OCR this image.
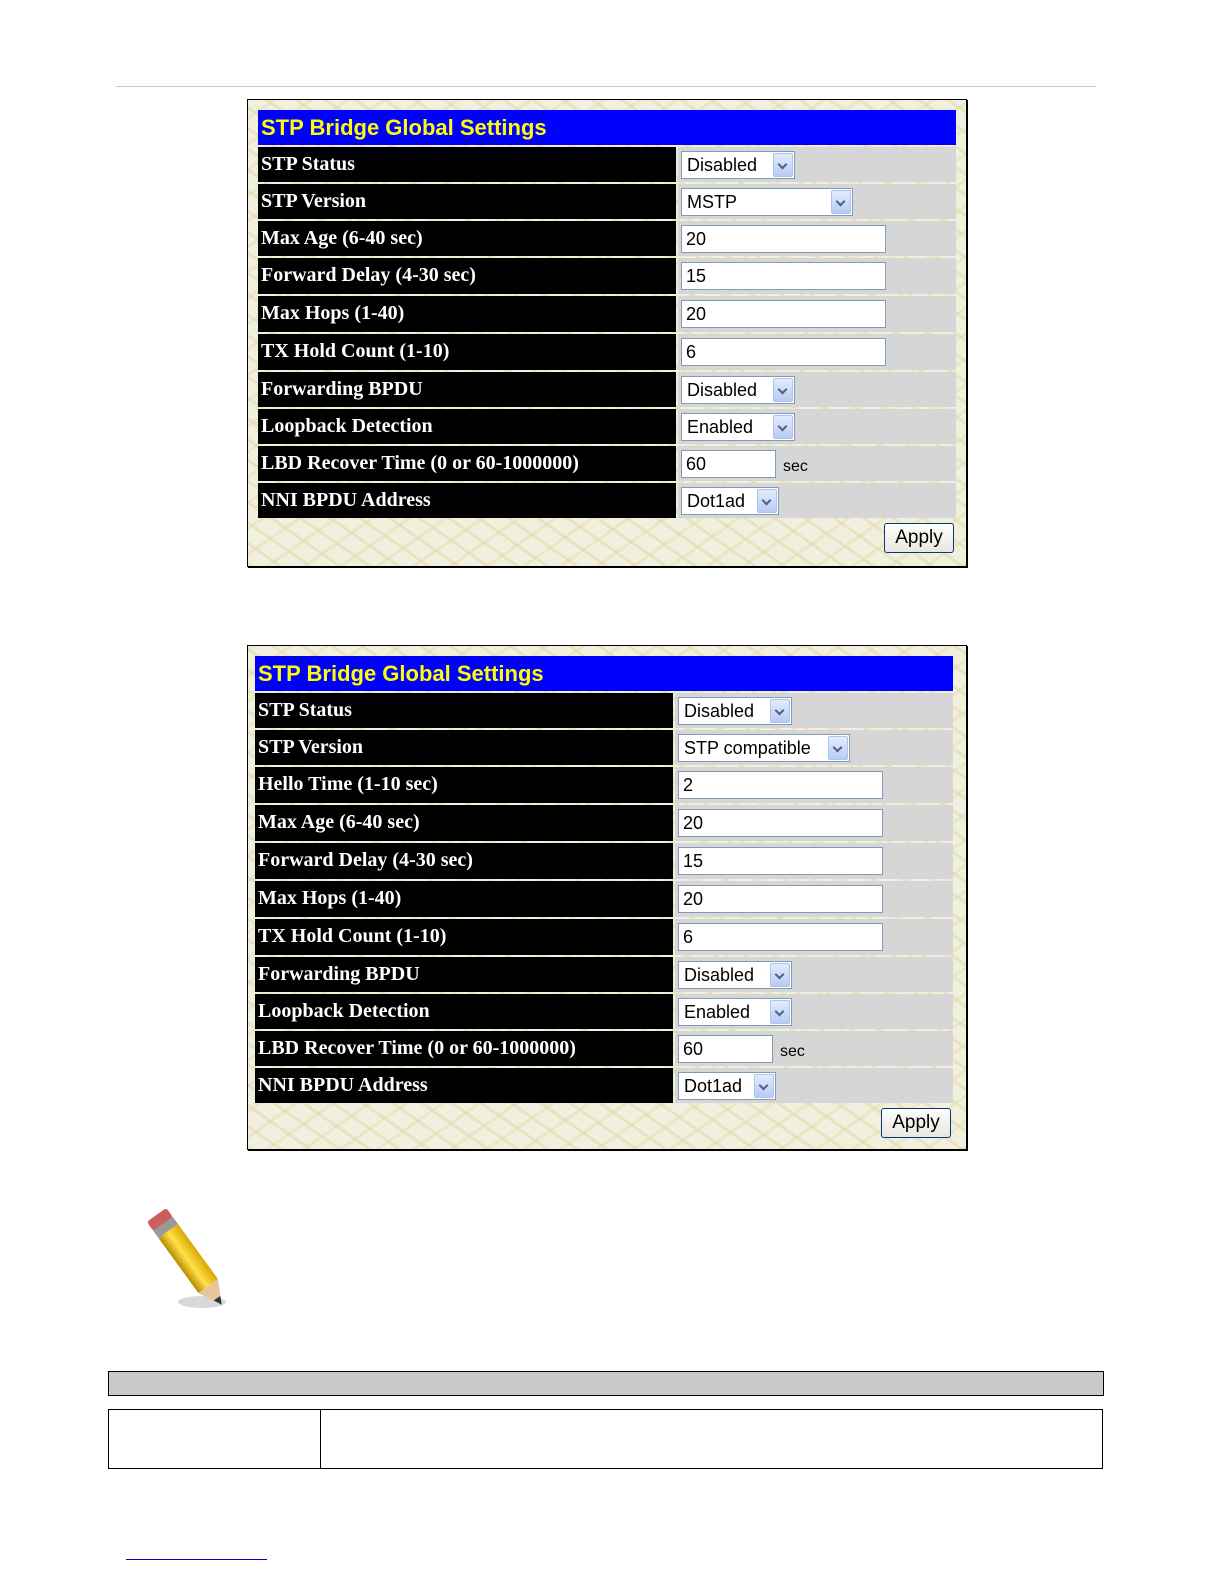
STP Bridge Global Settings
STP Status	Disabled
STP Version	MSTP
Max Age (6-40 sec)	20
Forward Delay (4-30 sec)	15
Max Hops (1-40)	20
TX Hold Count (1-10)	6
Forwarding BPDU	Disabled
Loopback Detection	Enabled
LBD Recover Time (0 or 60-1000000)	60	sec
NNI BPDU Address	Dot1ad
Apply
STP Bridge Global Settings
STP Status	Disabled
STP Version	STP compatible
Hello Time (1-10 sec)	2
Max Age (6-40 sec)	20
Forward Delay (4-30 sec)	15
Max Hops (1-40)	20
TX Hold Count (1-10)	6
Forwarding BPDU	Disabled
Loopback Detection	Enabled
LBD Recover Time (0 or 60-1000000)	60	sec
NNI BPDU Address	Dot1ad
Apply
